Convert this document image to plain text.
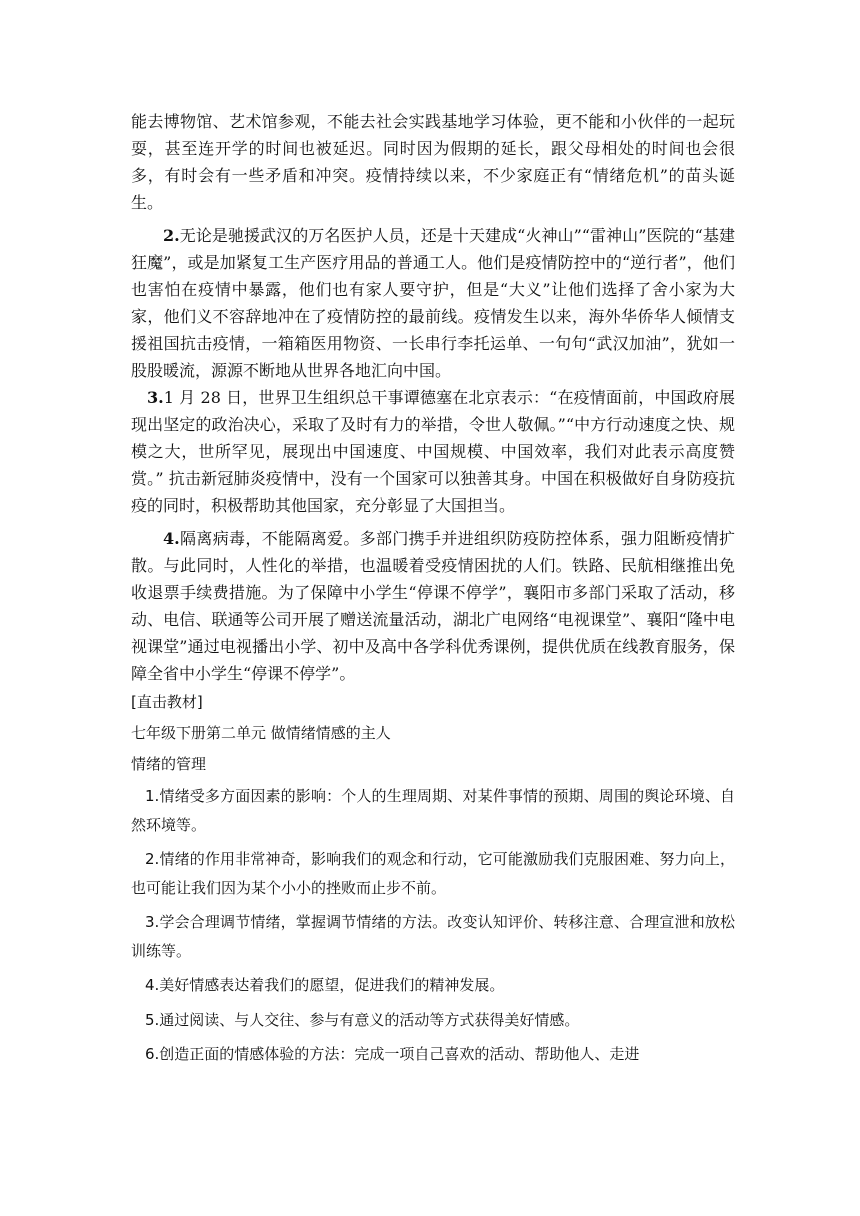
能去博物馆、艺术馆参观，不能去社会实践基地学习体验，更不能和小伙伴的一起玩耍，甚至连开学的时间也被延迟。同时因为假期的延长，跟父母相处的时间也会很多，有时会有一些矛盾和冲突。疫情持续以来，不少家庭正有“情绪危机”的苗头诞生。

2.无论是驰援武汉的万名医护人员，还是十天建成“火神山”“雷神山”医院的“基建狂魔”，或是加紧复工生产医疗用品的普通工人。他们是疫情防控中的“逆行者”，他们也害怕在疫情中暴露，他们也有家人要守护，但是“大义”让他们选择了舍小家为大家，他们义不容辞地冲在了疫情防控的最前线。疫情发生以来，海外华侨华人倾情支援祖国抗击疫情，一箱箱医用物资、一长串行李托运单、一句句“武汉加油”，犹如一股股暖流，源源不断地从世界各地汇向中国。

3.1 月 28 日，世界卫生组织总干事谭德塞在北京表示：“在疫情面前，中国政府展现出坚定的政治决心，采取了及时有力的举措，令世人敬佩。”“中方行动速度之快、规模之大，世所罕见，展现出中国速度、中国规模、中国效率，我们对此表示高度赞赏。” 抗击新冠肺炎疫情中，没有一个国家可以独善其身。中国在积极做好自身防疫抗疫的同时，积极帮助其他国家，充分彰显了大国担当。

4.隔离病毒，不能隔离爱。多部门携手并进组织防疫防控体系，强力阻断疫情扩散。与此同时，人性化的举措，也温暖着受疫情困扰的人们。铁路、民航相继推出免收退票手续费措施。为了保障中小学生“停课不停学”，襄阳市多部门采取了活动，移动、电信、联通等公司开展了赠送流量活动，湖北广电网络“电视课堂”、襄阳“隆中电视课堂”通过电视播出小学、初中及高中各学科优秀课例，提供优质在线教育服务，保障全省中小学生“停课不停学”。

[直击教材]

七年级下册第二单元 做情绪情感的主人

情绪的管理

1.情绪受多方面因素的影响：个人的生理周期、对某件事情的预期、周围的舆论环境、自然环境等。

2.情绪的作用非常神奇，影响我们的观念和行动，它可能激励我们克服困难、努力向上，也可能让我们因为某个小小的挫败而止步不前。

3.学会合理调节情绪，掌握调节情绪的方法。改变认知评价、转移注意、合理宣泄和放松训练等。

4.美好情感表达着我们的愿望，促进我们的精神发展。

5.通过阅读、与人交往、参与有意义的活动等方式获得美好情感。

6.创造正面的情感体验的方法：完成一项自己喜欢的活动、帮助他人、走进
